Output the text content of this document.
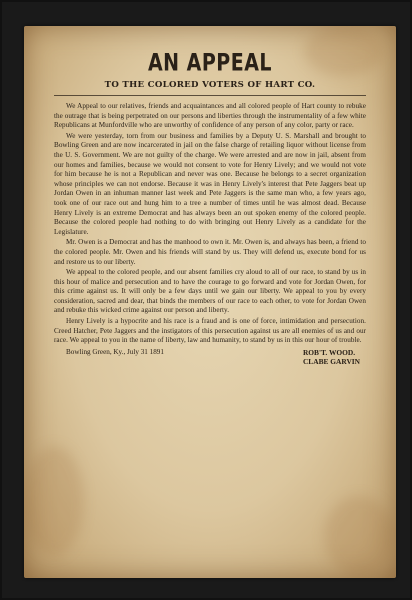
AN APPEAL
TO THE COLORED VOTERS OF HART CO.

We Appeal to our relatives, friends and acquaintances and all colored people of Hart county to rebuke the outrage that is being perpetrated on our persons and liberties through the instrumentality of a few white Republicans at Munfordville who are unworthy of confidence of any person of any color, party or race.

We were yesterday, torn from our business and families by a Deputy U. S. Marshall and brought to Bowling Green and are now incarcerated in jail on the false charge of retailing liquor without license from the U. S. Government. We are not guilty of the charge. We were arrested and are now in jail, absent from our homes and families, because we would not consent to vote for Henry Lively; and we would not vote for him because he is not a Republican and never was one. Because he belongs to a secret organization whose principles we can not endorse. Because it was in Henry Lively's interest that Pete Jaggers beat up Jordan Owen in an inhuman manner last week and Pete Jaggers is the same man who, a few years ago, took one of our race out and hung him to a tree a number of times until he was almost dead. Because Henry Lively is an extreme Democrat and has always been an out spoken enemy of the colored people. Because the colored people had nothing to do with bringing out Henry Lively as a candidate for the Legislature.

Mr. Owen is a Democrat and has the manhood to own it. Mr. Owen is, and always has been, a friend to the colored people. Mr. Owen and his friends will stand by us. They will defend us, execute bond for us and restore us to our liberty.

We appeal to the colored people, and our absent families cry aloud to all of our race, to stand by us in this hour of malice and persecution and to have the courage to go forward and vote for Jordan Owen, for this crime against us. It will only be a few days until we gain our liberty. We appeal to you by every consideration, sacred and dear, that binds the members of our race to each other, to vote for Jordan Owen and rebuke this wicked crime against our person and liberty.

Henry Lively is a hypocrite and his race is a fraud and is one of force, intimidation and persecution. Creed Hatcher, Pete Jaggers and the instigators of this persecution against us are all enemies of us and our race. We appeal to you in the name of liberty, law and humanity, to stand by us in this our hour of trouble.

Bowling Green, Ky., July 31 1891	ROB'T. WOOD.
CLABE GARVIN
